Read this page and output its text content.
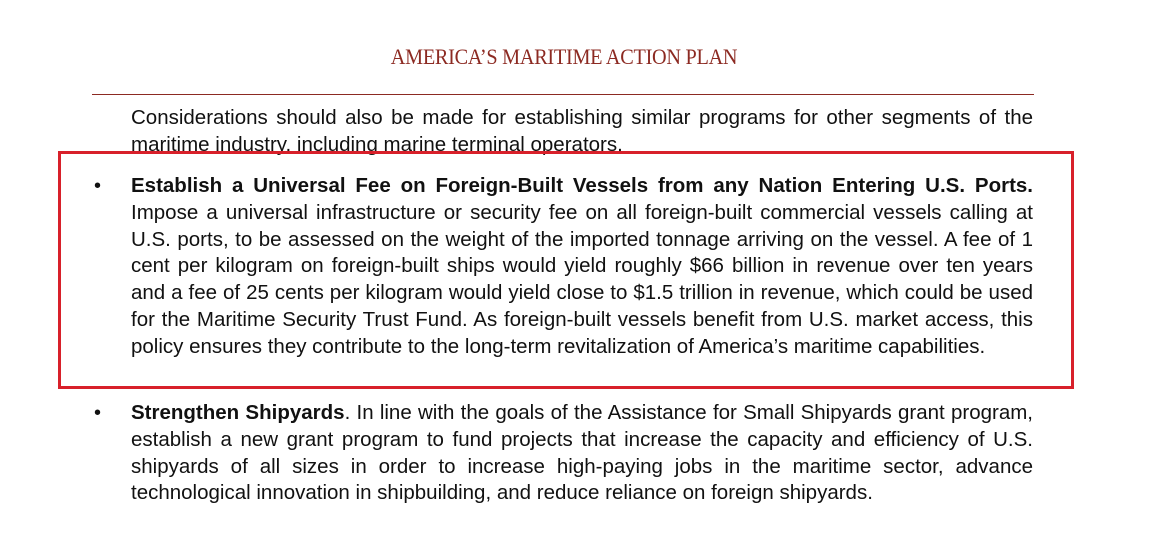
AMERICA’S MARITIME ACTION PLAN

Considerations should also be made for establishing similar programs for other segments of the maritime industry, including marine terminal operators.

• Establish a Universal Fee on Foreign-Built Vessels from any Nation Entering U.S. Ports. Impose a universal infrastructure or security fee on all foreign-built commercial vessels calling at U.S. ports, to be assessed on the weight of the imported tonnage arriving on the vessel. A fee of 1 cent per kilogram on foreign-built ships would yield roughly $66 billion in revenue over ten years and a fee of 25 cents per kilogram would yield close to $1.5 trillion in revenue, which could be used for the Maritime Security Trust Fund. As foreign-built vessels benefit from U.S. market access, this policy ensures they contribute to the long-term revitalization of America’s maritime capabilities.

• Strengthen Shipyards. In line with the goals of the Assistance for Small Shipyards grant program, establish a new grant program to fund projects that increase the capacity and efficiency of U.S. shipyards of all sizes in order to increase high-paying jobs in the maritime sector, advance technological innovation in shipbuilding, and reduce reliance on foreign shipyards.
